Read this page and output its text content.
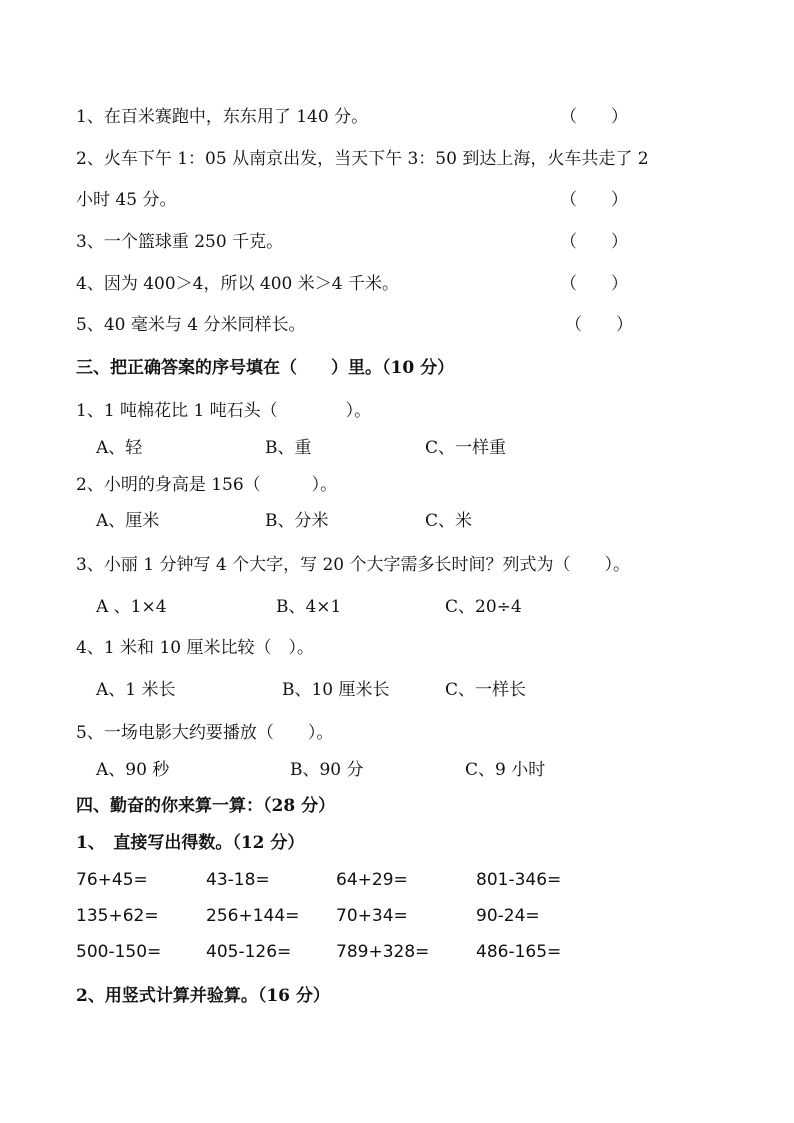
1、在百米赛跑中，东东用了 140 分。	（　　）
2、火车下午 1：05 从南京出发，当天下午 3：50 到达上海，火车共走了 2
小时 45 分。	（　　）
3、一个篮球重 250 千克。	（　　）
4、因为 400＞4，所以 400 米＞4 千米。	（　　）
5、40 毫米与 4 分米同样长。	（　　）
三、把正确答案的序号填在（　　）里。（10 分）
1、1 吨棉花比 1 吨石头（　　　　）。
A、轻	B、重	C、一样重
2、小明的身高是 156（　　　）。
A、厘米	B、分米	C、米
3、小丽 1 分钟写 4 个大字，写 20 个大字需多长时间？列式为（　　）。
A 、1×4	B、4×1	C、20÷4
4、1 米和 10 厘米比较（　）。
A、1 米长	B、10 厘米长	C、一样长
5、一场电影大约要播放（　　）。
A、90 秒	B、90 分	C、9 小时
四、勤奋的你来算一算：（28 分）
1、　直接写出得数。（12 分）
76+45=	43-18=	64+29=	801-346=
135+62=	256+144= 70+34=	90-24=
500-150=	405-126=	789+328=	486-165=
2、用竖式计算并验算。（16 分）
